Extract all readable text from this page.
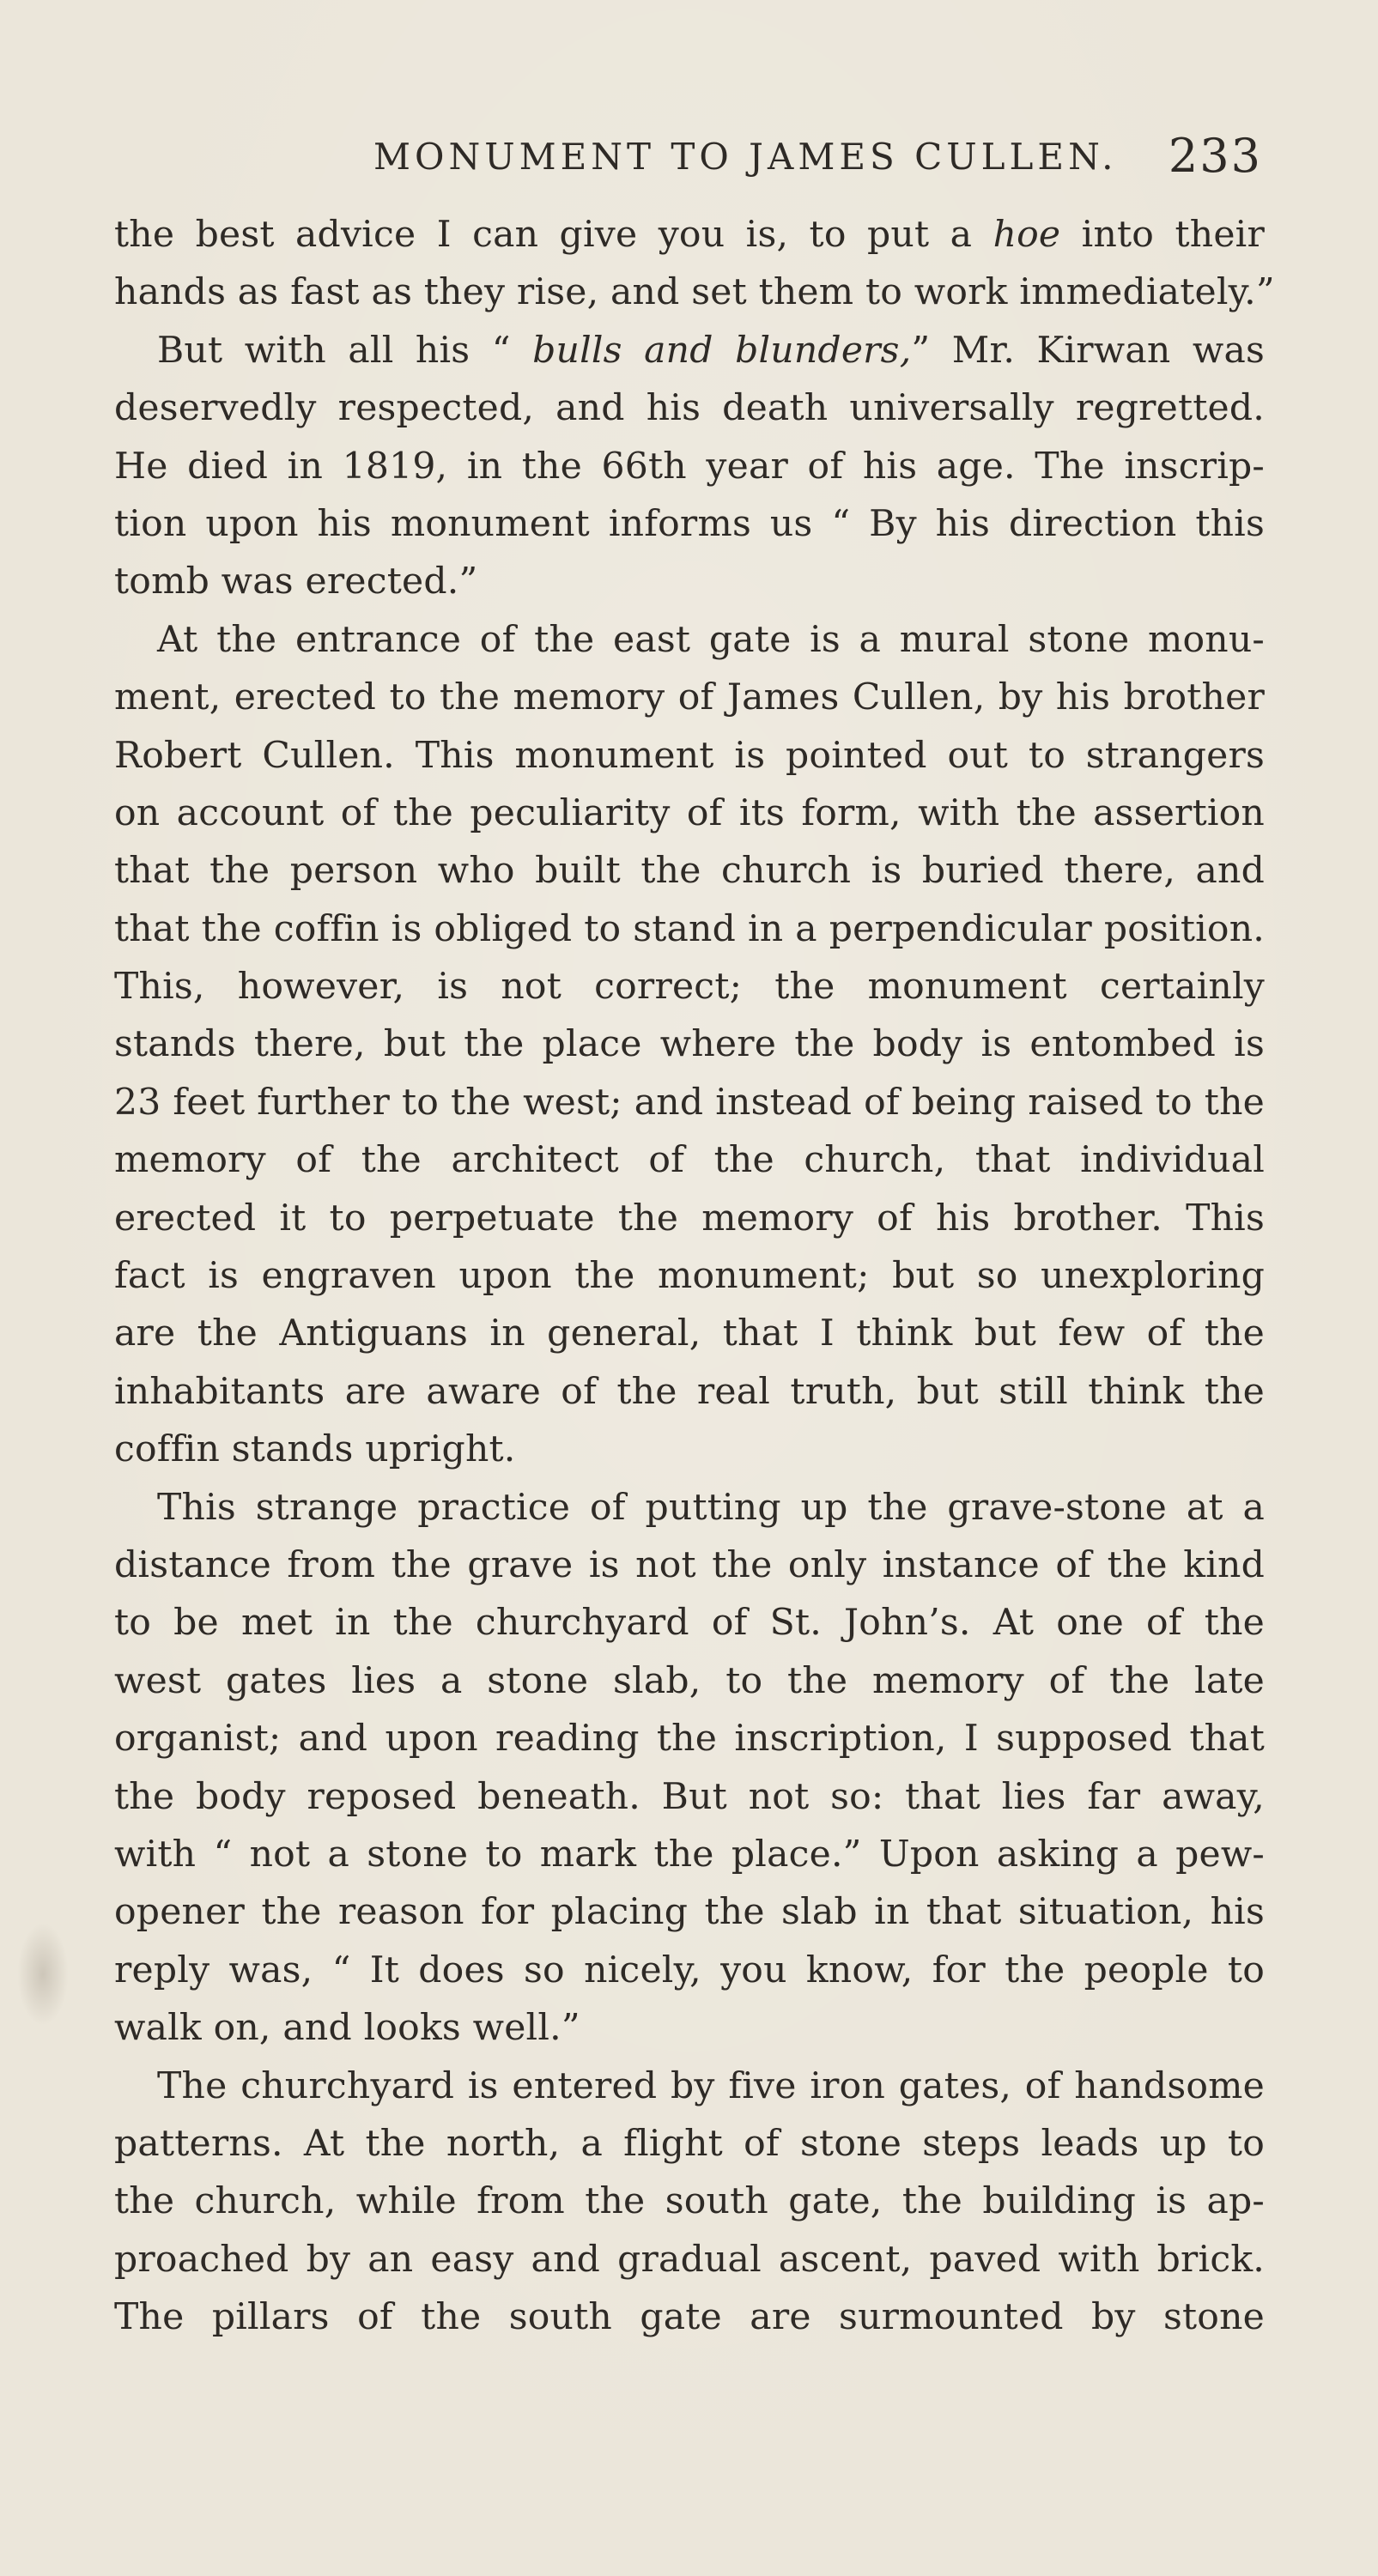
MONUMENT TO JAMES CULLEN. 233
the best advice I can give you is, to put a hoe into their
hands as fast as they rise, and set them to work immediately.”
But with all his “ bulls and blunders,” Mr. Kirwan was
deservedly respected, and his death universally regretted.
He died in 1819, in the 66th year of his age. The inscrip-
tion upon his monument informs us “ By his direction this
tomb was erected.”
At the entrance of the east gate is a mural stone monu-
ment, erected to the memory of James Cullen, by his brother
Robert Cullen. This monument is pointed out to strangers
on account of the peculiarity of its form, with the assertion
that the person who built the church is buried there, and
that the coffin is obliged to stand in a perpendicular position.
This, however, is not correct; the monument certainly
stands there, but the place where the body is entombed is
23 feet further to the west; and instead of being raised to the
memory of the architect of the church, that individual
erected it to perpetuate the memory of his brother. This
fact is engraven upon the monument; but so unexploring
are the Antiguans in general, that I think but few of the
inhabitants are aware of the real truth, but still think the
coffin stands upright.
This strange practice of putting up the grave-stone at a
distance from the grave is not the only instance of the kind
to be met in the churchyard of St. John’s. At one of the
west gates lies a stone slab, to the memory of the late
organist; and upon reading the inscription, I supposed that
the body reposed beneath. But not so: that lies far away,
with “ not a stone to mark the place.” Upon asking a pew-
opener the reason for placing the slab in that situation, his
reply was, “ It does so nicely, you know, for the people to
walk on, and looks well.”
The churchyard is entered by five iron gates, of handsome
patterns. At the north, a flight of stone steps leads up to
the church, while from the south gate, the building is ap-
proached by an easy and gradual ascent, paved with brick.
The pillars of the south gate are surmounted by stone
